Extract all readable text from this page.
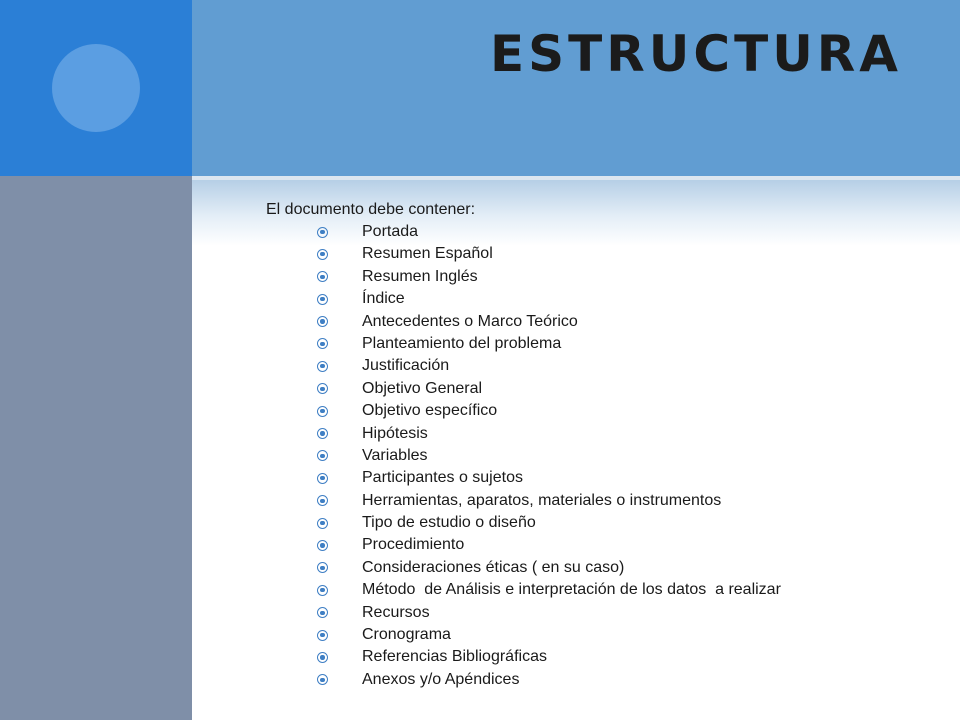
ESTRUCTURA

El documento debe contener:

Portada
Resumen Español
Resumen Inglés
Índice
Antecedentes o Marco Teórico
Planteamiento del problema
Justificación
Objetivo General
Objetivo específico
Hipótesis
Variables
Participantes o sujetos
Herramientas, aparatos, materiales o instrumentos
Tipo de estudio o diseño
Procedimiento
Consideraciones éticas ( en su caso)
Método  de Análisis e interpretación de los datos  a realizar
Recursos
Cronograma
Referencias Bibliográficas
Anexos y/o Apéndices
